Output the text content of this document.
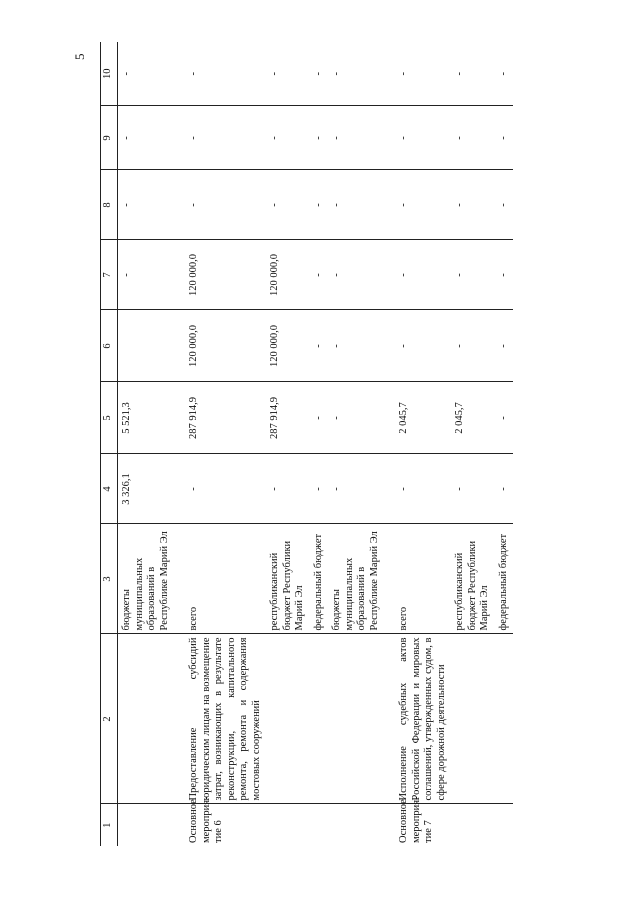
5
1	2	3	4	5	6	7	8	9	10
		бюджеты муниципальных образований в Республике Марий Эл	3 326,1	5 521,3		-	-	-	-
Основное мероприя-тие 6	Предоставление субсидий юридическим лицам на возмещение затрат, возникающих в результате реконструкции, капитального ремонта, ремонта и содержания мостовых сооружений	всего	-	287 914,9	120 000,0	120 000,0	-	-	-
		республиканский бюджет Республики Марий Эл	-	287 914,9	120 000,0	120 000,0	-	-	-
		федеральный бюджет	-	-	-	-	-	-	-
		бюджеты муниципальных образований в Республике Марий Эл	-	-	-	-	-	-	-
Основное мероприя-тие 7	Исполнение судебных актов Российской Федерации и мировых соглашений, утвержденных судом, в сфере дорожной деятельности	всего	-	2 045,7	-	-	-	-	-
		республиканский бюджет Республики Марий Эл	-	2 045,7	-	-	-	-	-
		федеральный бюджет	-	-	-	-	-	-	-
